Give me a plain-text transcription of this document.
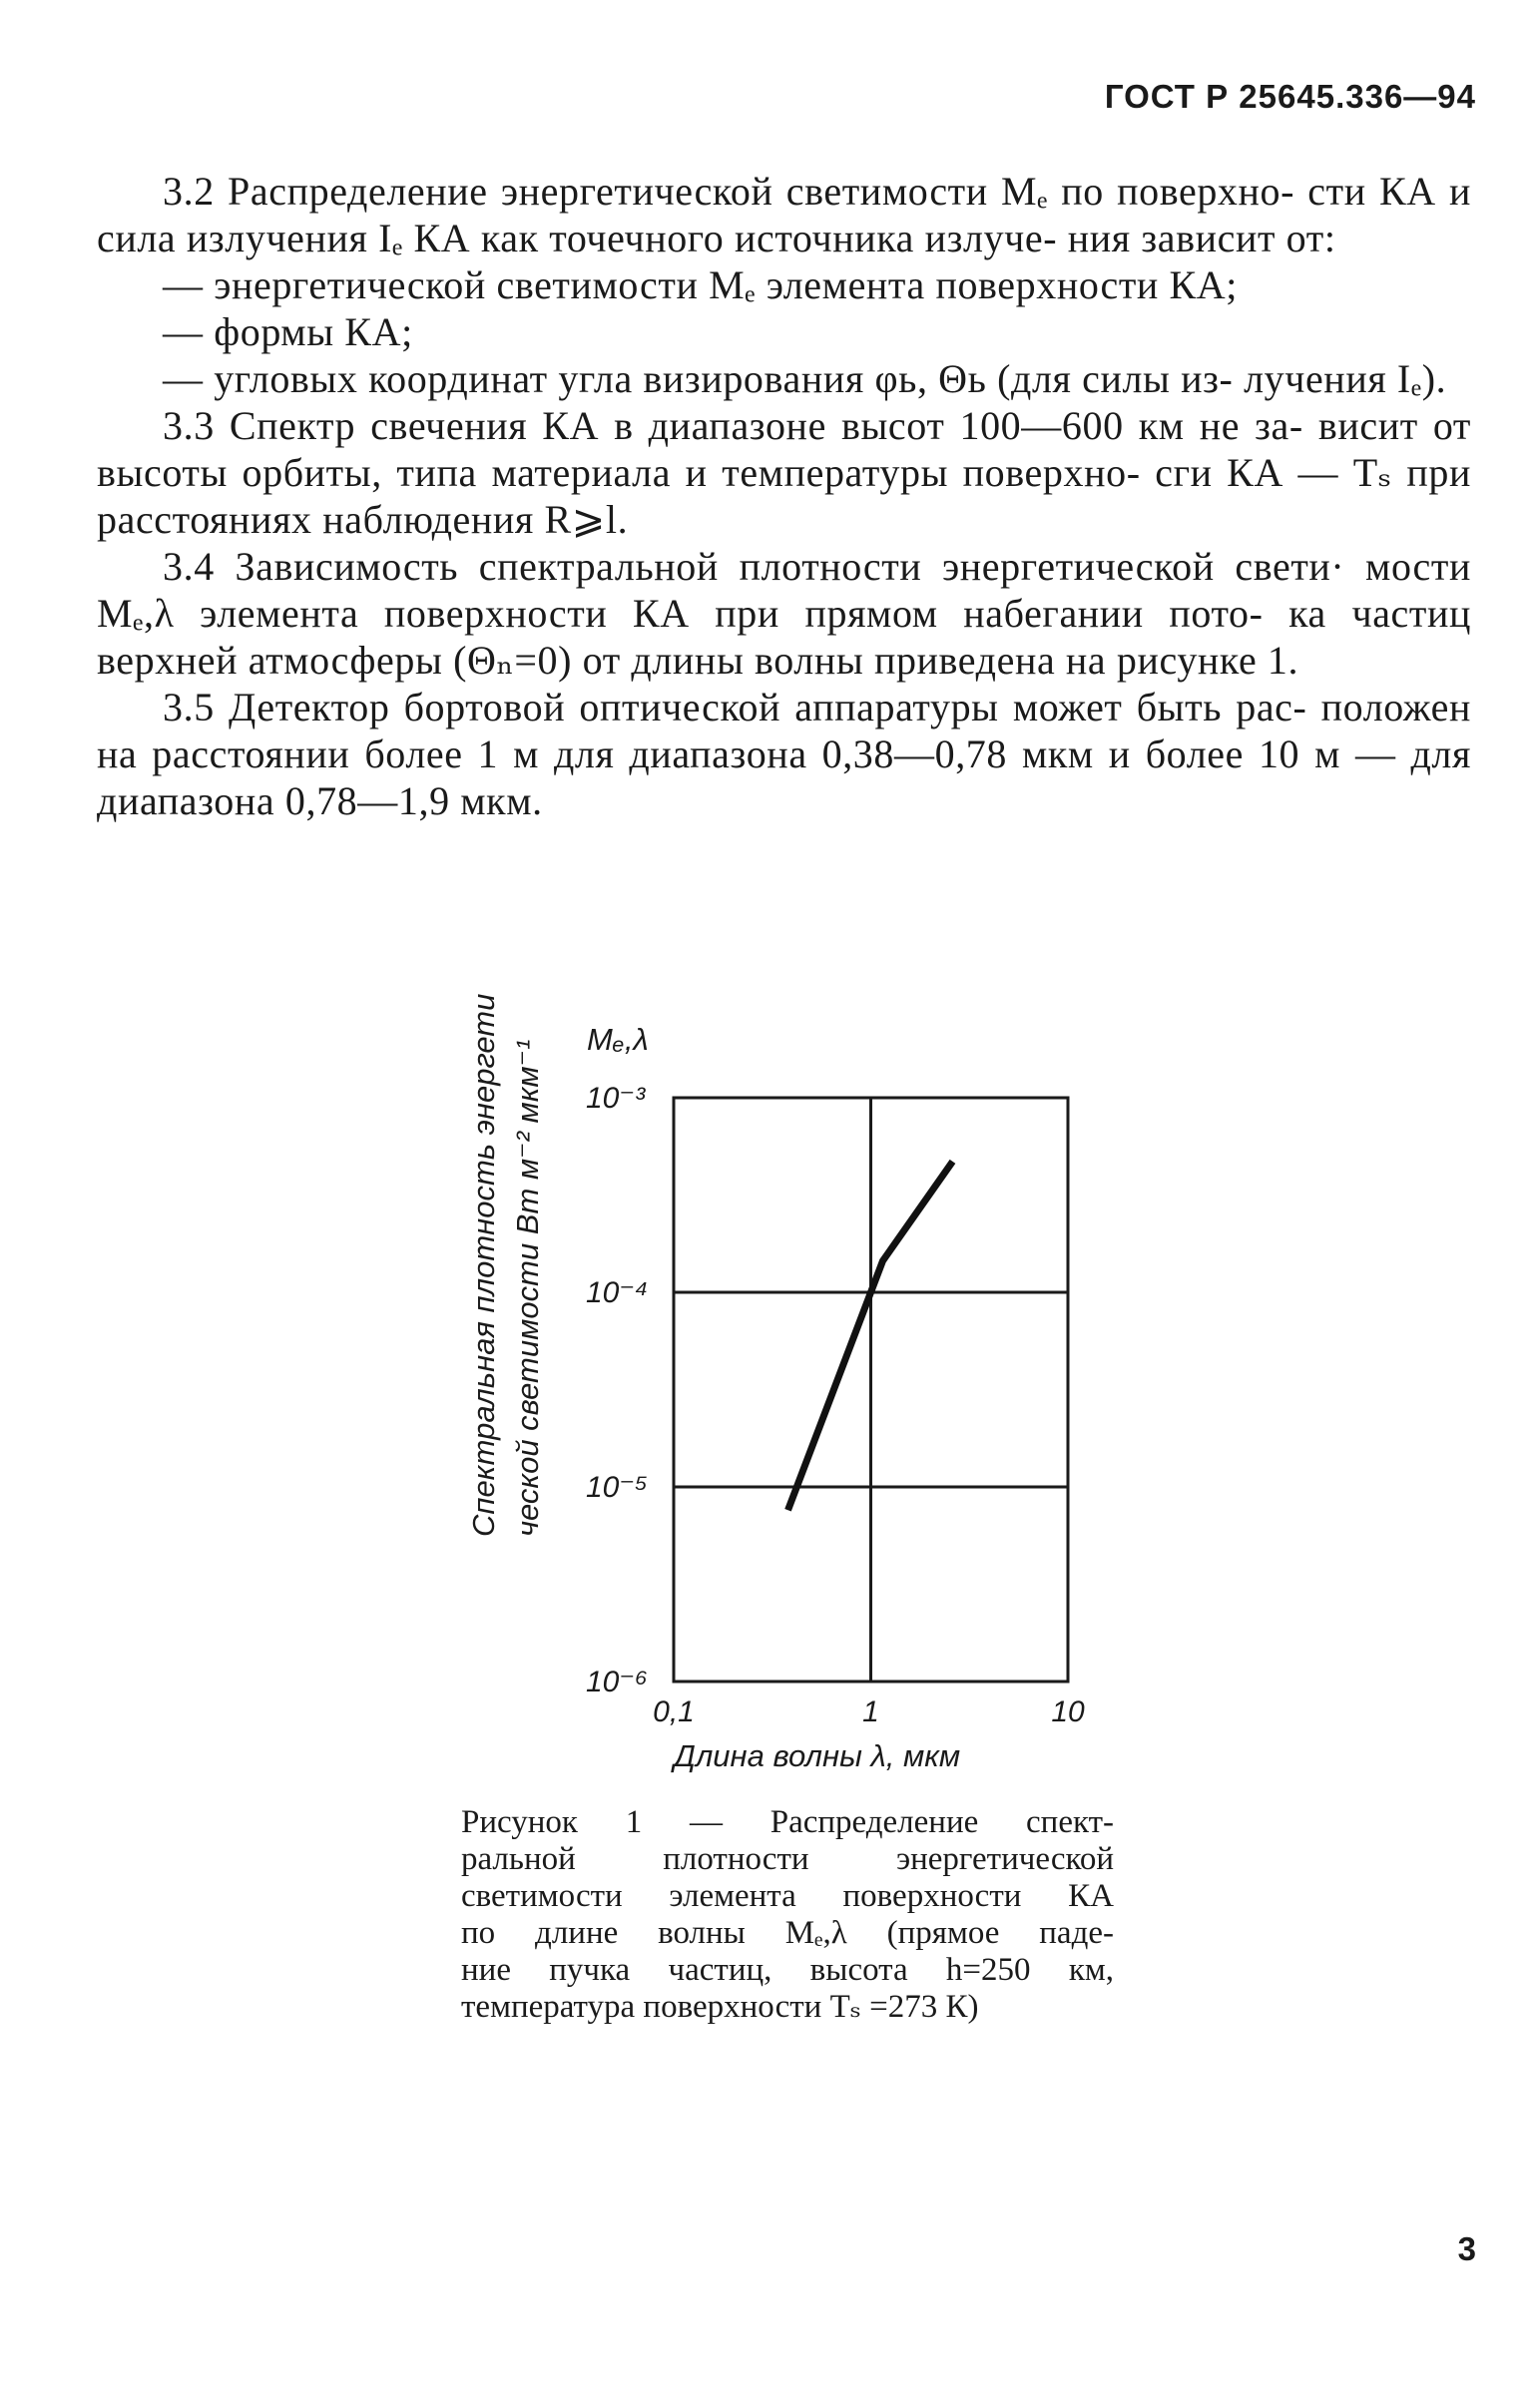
ГОСТ Р 25645.336—94
3.2 Распределение энергетической светимости Mₑ по поверхно- сти КА и сила излучения Iₑ КА как точечного источника излуче- ния зависит от:
— энергетической светимости Mₑ элемента поверхности КА;
— формы КА;
— угловых координат угла визирования φь, Θь (для силы из- лучения Iₑ).
3.3 Спектр свечения КА в диапазоне высот 100—600 км не за- висит от высоты орбиты, типа материала и температуры поверхно- сги КА — Tₛ при расстояниях наблюдения R⩾l.
3.4 Зависимость спектральной плотности энергетической свети· мости Mₑ,λ элемента поверхности КА при прямом набегании пото- ка частиц верхней атмосферы (Θₙ=0) от длины волны приведена на рисунке 1.
3.5 Детектор бортовой оптической аппаратуры может быть рас- положен на расстоянии более 1 м для диапазона 0,38—0,78 мкм и более 10 м — для диапазона 0,78—1,9 мкм.
Mₑ,λ
Спектральная плотность энергети ческой светимости Вт м⁻² мкм⁻¹ 10⁻³
10⁻⁴
10⁻⁵
10⁻⁶
0,1	1	10
Длина волны λ, мкм
Рисунок 1 — Распределение спект-
ральной плотности энергетической
светимости элемента поверхности КА
по длине волны Mₑ,λ (прямое паде-
ние пучка частиц, высота h=250 км,
температура поверхности Tₛ =273 К)
3
